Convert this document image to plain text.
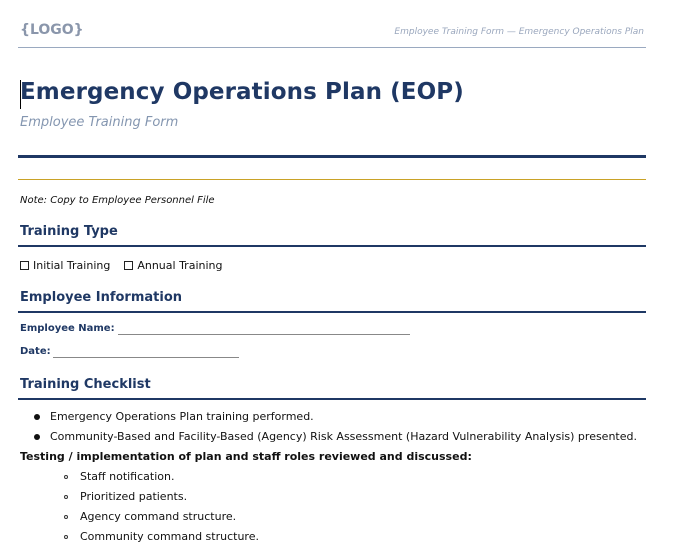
{LOGO}	Employee Training Form — Emergency Operations Plan
Emergency Operations Plan (EOP)
Employee Training Form
Note: Copy to Employee Personnel File
Training Type
Initial Training Annual Training
Employee Information
Employee Name:
Date:
Training Checklist
Emergency Operations Plan training performed.
Community-Based and Facility-Based (Agency) Risk Assessment (Hazard Vulnerability Analysis) presented.
Testing / implementation of plan and staff roles reviewed and discussed:
Staff notification.
Prioritized patients.
Agency command structure.
Community command structure.
